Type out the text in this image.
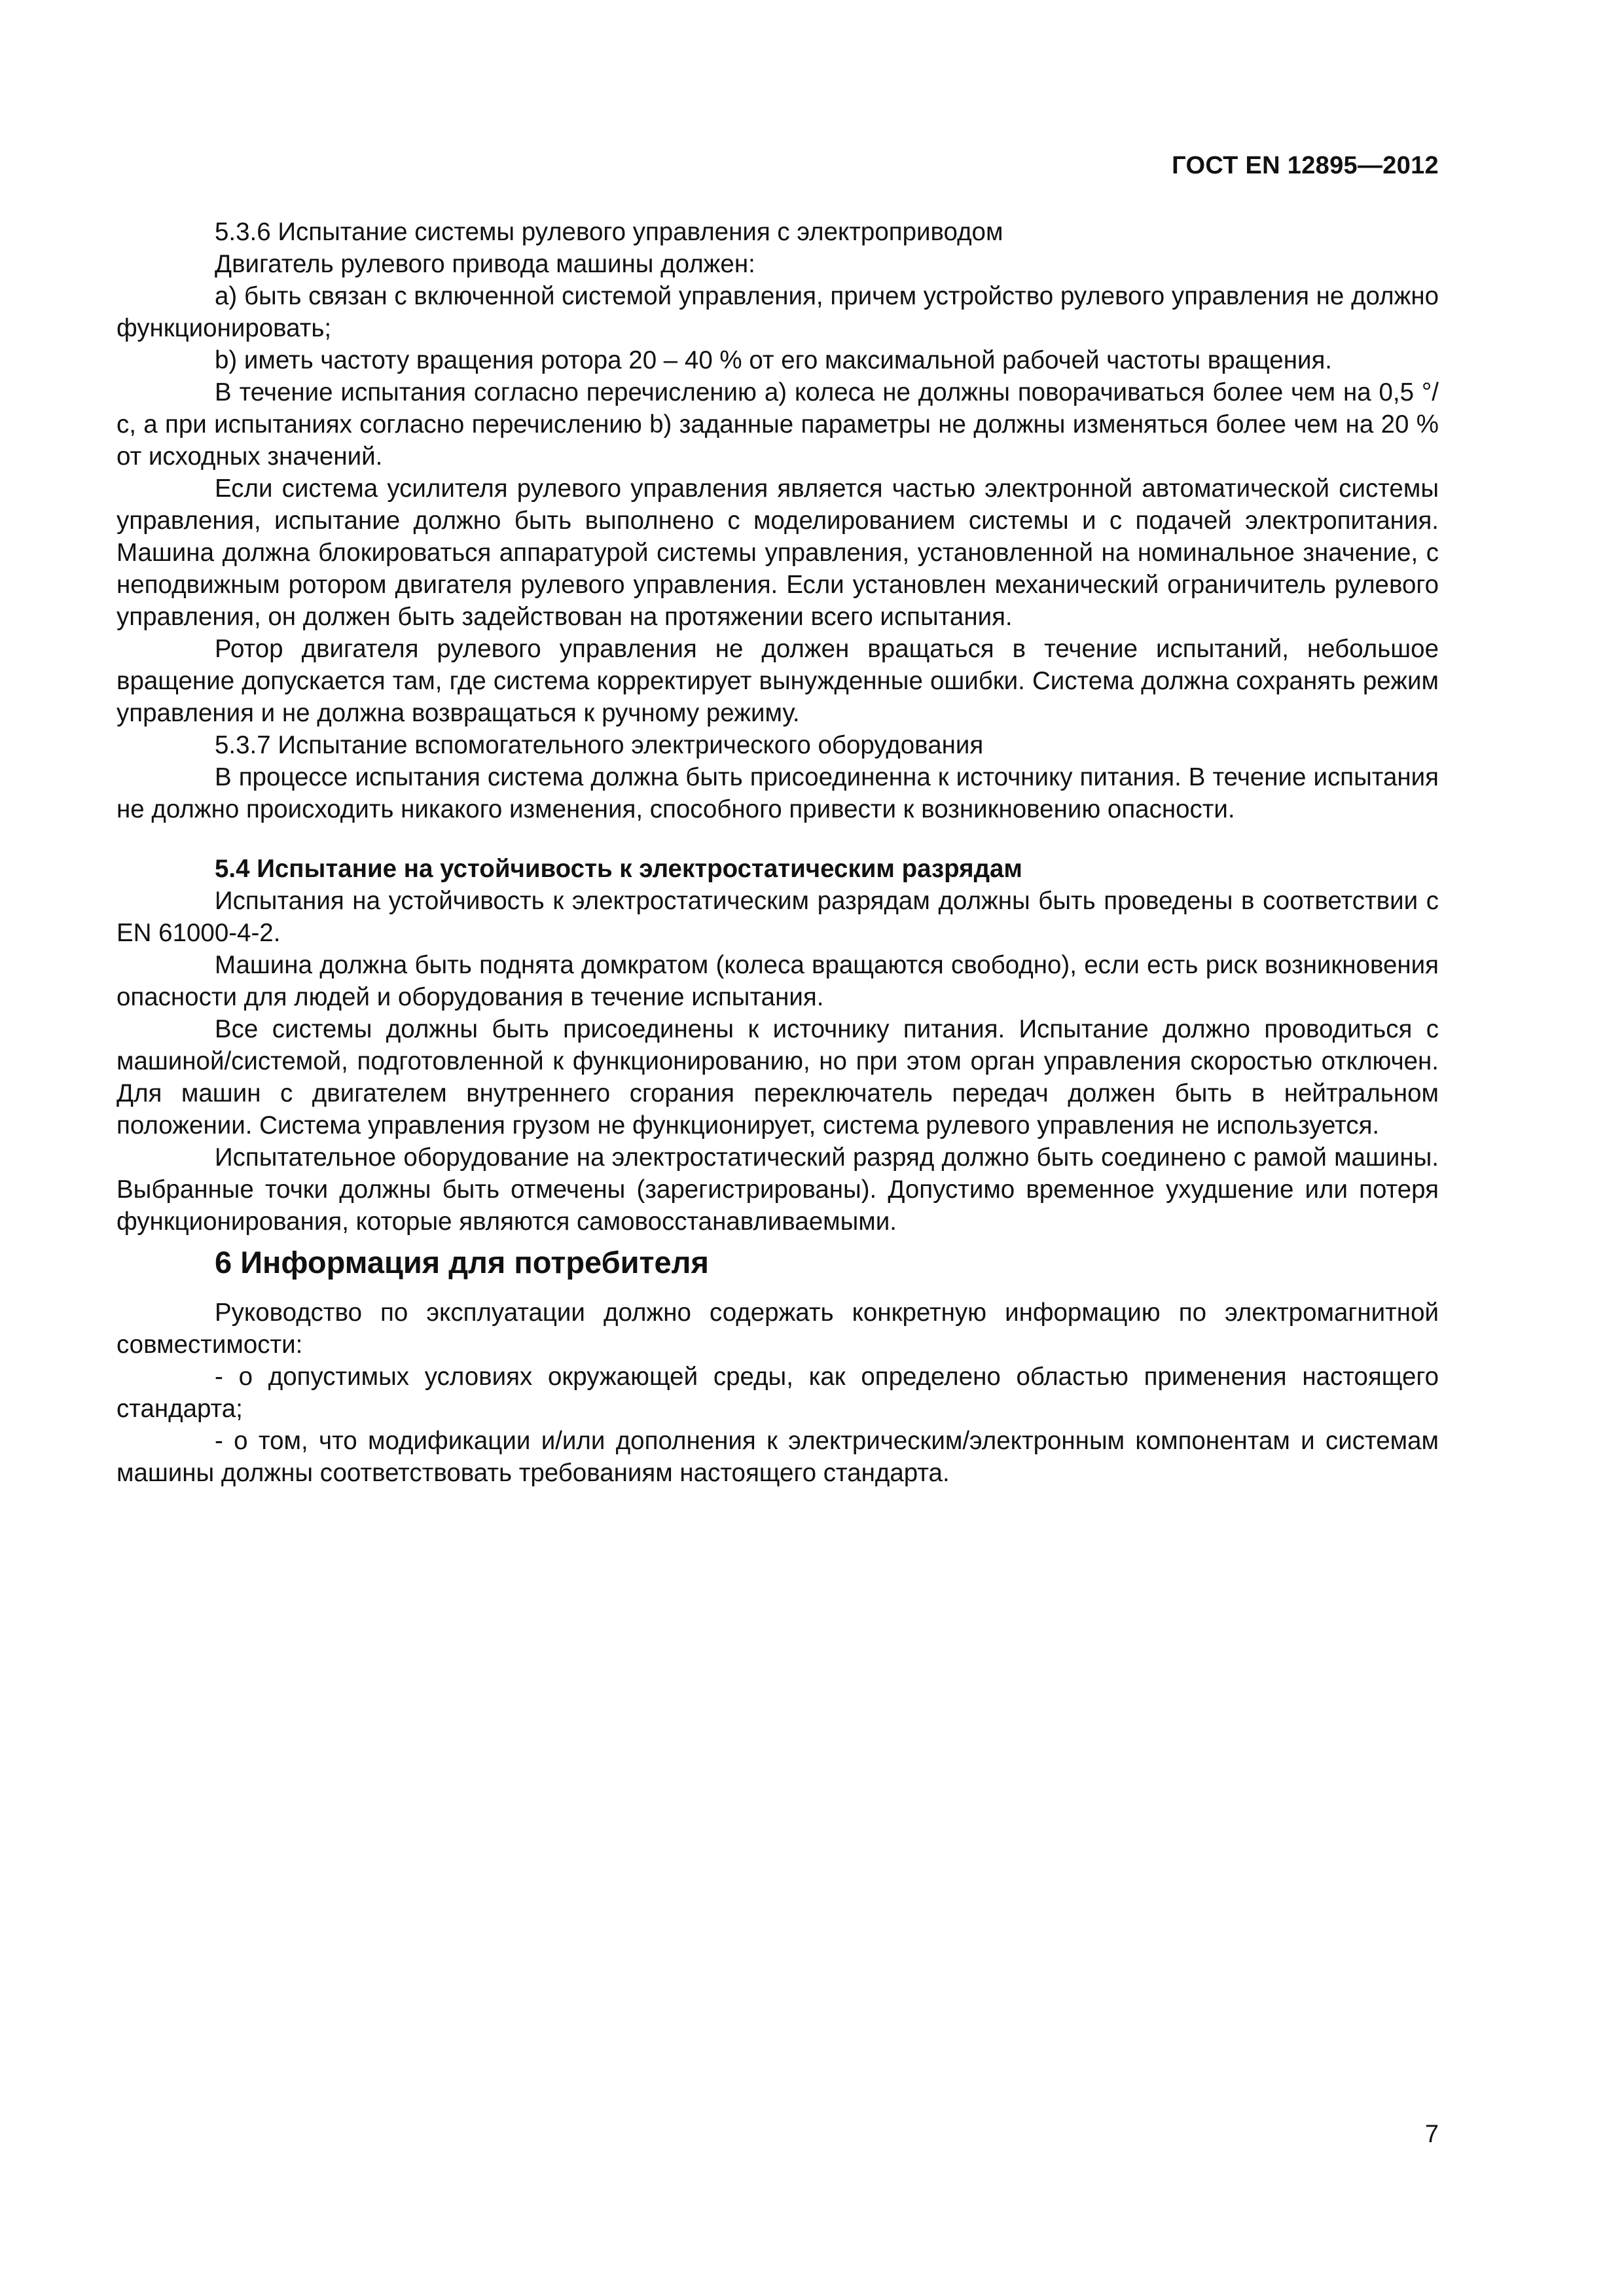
ГОСТ EN 12895—2012

5.3.6 Испытание системы рулевого управления с электроприводом

Двигатель рулевого привода машины должен:

а) быть связан с включенной системой управления, причем устройство рулевого управления не должно функционировать;

b) иметь частоту вращения ротора 20 – 40 % от его максимальной рабочей частоты вращения.

В течение испытания согласно перечислению а) колеса не должны поворачиваться более чем на 0,5 °/с, а при испытаниях согласно перечислению b) заданные параметры не должны изменяться более чем на 20 % от исходных значений.

Если система усилителя рулевого управления является частью электронной автоматической системы управления, испытание должно быть выполнено с моделированием системы и с подачей электропитания. Машина должна блокироваться аппаратурой системы управления, установленной на номинальное значение, с неподвижным ротором двигателя рулевого управления. Если установлен механический ограничитель рулевого управления, он должен быть задействован на протяжении всего испытания.

Ротор двигателя рулевого управления не должен вращаться в течение испытаний, небольшое вращение допускается там, где система корректирует вынужденные ошибки. Система должна сохранять режим управления и не должна возвращаться к ручному режиму.

5.3.7 Испытание вспомогательного электрического оборудования

В процессе испытания система должна быть присоединенна к источнику питания. В течение испытания не должно происходить никакого изменения, способного привести к возникновению опасности.

5.4 Испытание на устойчивость к электростатическим разрядам

Испытания на устойчивость к электростатическим разрядам должны быть проведены в соответствии с EN 61000-4-2.

Машина должна быть поднята домкратом (колеса вращаются свободно), если есть риск возникновения опасности для людей и оборудования в течение испытания.

Все системы должны быть присоединены к источнику питания. Испытание должно проводиться с машиной/системой, подготовленной к функционированию, но при этом орган управления скоростью отключен. Для машин с двигателем внутреннего сгорания переключатель передач должен быть в нейтральном положении. Система управления грузом не функционирует, система рулевого управления не используется.

Испытательное оборудование на электростатический разряд должно быть соединено с рамой машины. Выбранные точки должны быть отмечены (зарегистрированы). Допустимо временное ухудшение или потеря функционирования, которые являются самовосстанавливаемыми.

6 Информация для потребителя

Руководство по эксплуатации должно содержать конкретную информацию по электромагнитной совместимости:

- о допустимых условиях окружающей среды, как определено областью применения настоящего стандарта;

- о том, что модификации и/или дополнения к электрическим/электронным компонентам и системам машины должны соответствовать требованиям настоящего стандарта.

7
